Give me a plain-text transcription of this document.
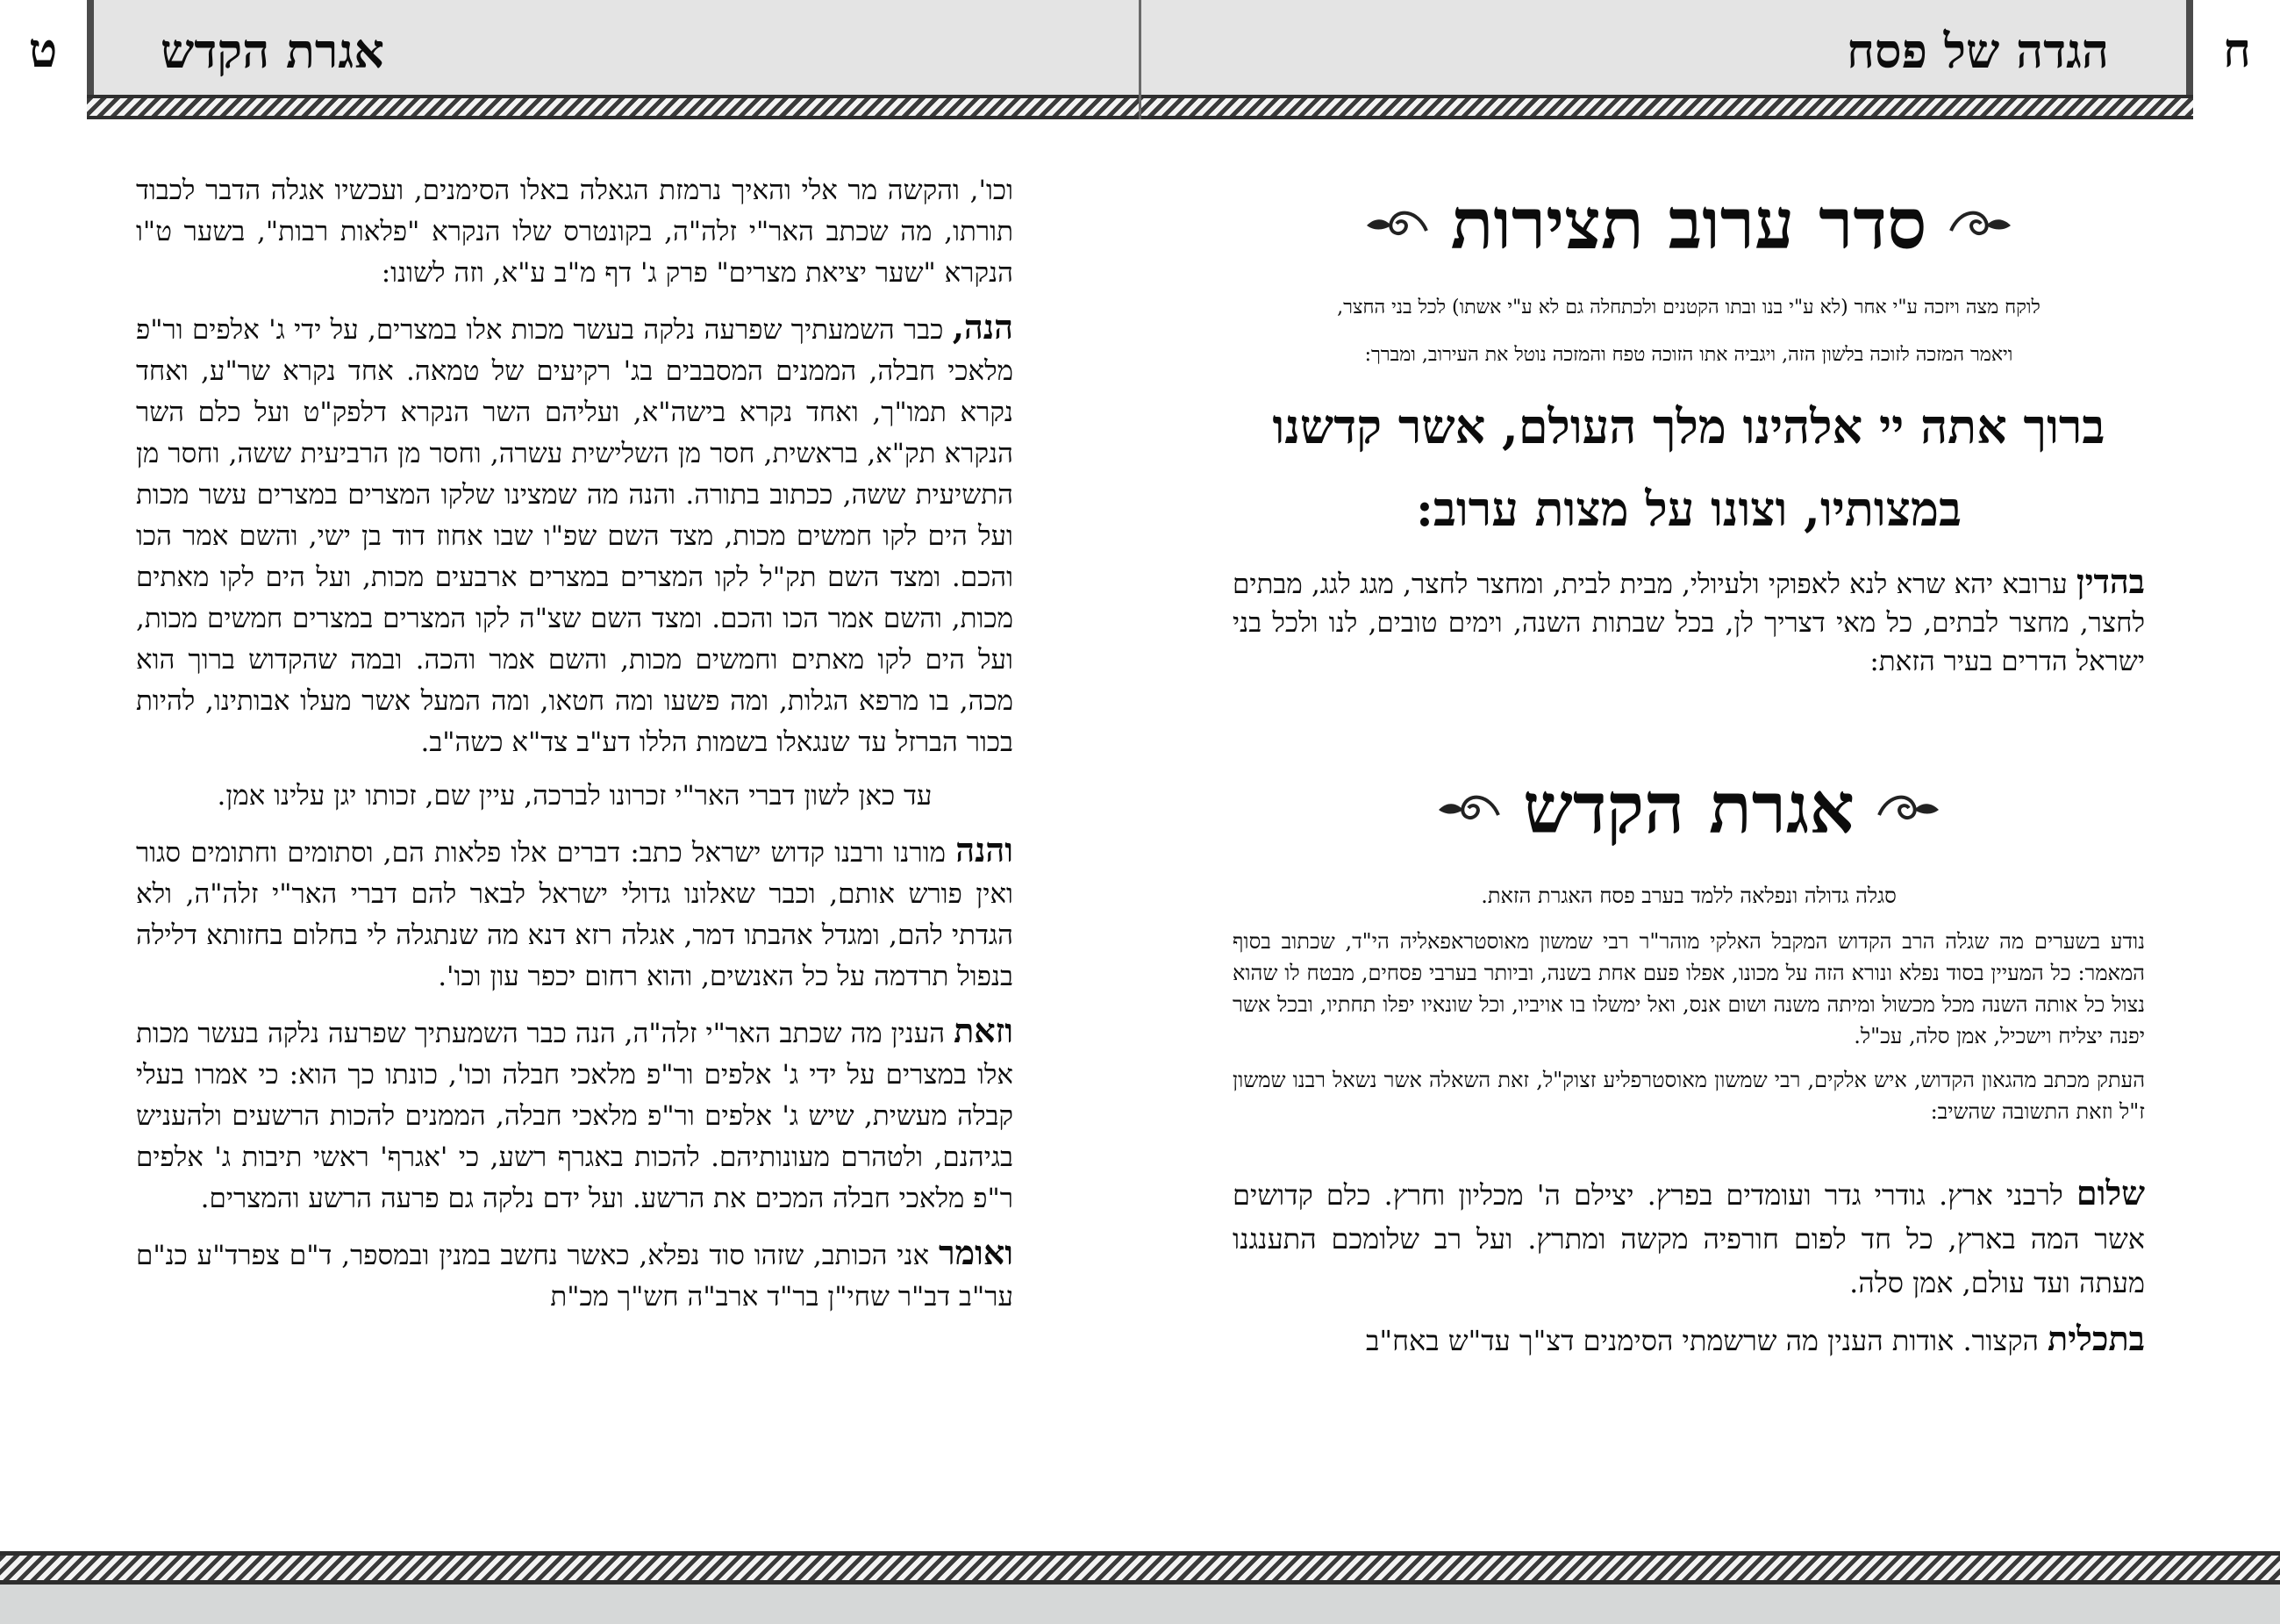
ח
הגדה של פסח
אגרת הקדש
ט

וכו', והקשה מר אלי והאיך נרמזת הגאלה באלו הסימנים, ועכשיו אגלה הדבר לכבוד תורתו, מה שכתב האר"י זלה"ה, בקונטרס שלו הנקרא "פלאות רבות", בשער ט"ו הנקרא "שער יציאת מצרים" פרק ג' דף מ"ב ע"א, וזה לשונו:

הנה, כבר השמעתיך שפרעה נלקה בעשר מכות אלו במצרים, על ידי ג' אלפים ור"פ מלאכי חבלה, הממנים המסבבים בג' רקיעים של טמאה. אחד נקרא שר"ע, ואחד נקרא תמו"ך, ואחד נקרא בישה"א, ועליהם השר הנקרא דלפק"ט ועל כלם השר הנקרא תק"א, בראשית, חסר מן השלישית עשרה, וחסר מן הרביעית ששה, וחסר מן התשיעית ששה, ככתוב בתורה. והנה מה שמצינו שלקו המצרים במצרים עשר מכות ועל הים לקו חמשים מכות, מצד השם שפ"ו שבו אחוז דוד בן ישי, והשם אמר הכו והכם. ומצד השם תק"ל לקו המצרים במצרים ארבעים מכות, ועל הים לקו מאתים מכות, והשם אמר הכו והכם. ומצד השם שצ"ה לקו המצרים במצרים חמשים מכות, ועל הים לקו מאתים וחמשים מכות, והשם אמר והכה. ובמה שהקדוש ברוך הוא מכה, בו מרפא הגלות, ומה פשעו ומה חטאו, ומה המעל אשר מעלו אבותינו, להיות בכור הברזל עד שנגאלו בשמות הללו דע"ב צד"א כשה"ב.

עד כאן לשון דברי האר"י זכרונו לברכה, עיין שם, זכותו יגן עלינו אמן.

והנה מורנו ורבנו קדוש ישראל כתב: דברים אלו פלאות הם, וסתומים וחתומים סגור ואין פורש אותם, וכבר שאלונו גדולי ישראל לבאר להם דברי האר"י זלה"ה, ולא הגדתי להם, ומגדל אהבתו דמר, אגלה רזא דנא מה שנתגלה לי בחלום בחזותא דלילה בנפול תרדמה על כל האנשים, והוא רחום יכפר עון וכו'.

וזאת הענין מה שכתב האר"י זלה"ה, הנה כבר השמעתיך שפרעה נלקה בעשר מכות אלו במצרים על ידי ג' אלפים ור"פ מלאכי חבלה וכו', כונתו כך הוא: כי אמרו בעלי קבלה מעשית, שיש ג' אלפים ור"פ מלאכי חבלה, הממנים להכות הרשעים ולהעניש בגיהנם, ולטהרם מעונותיהם. להכות באגרף רשע, כי 'אגרף' ראשי תיבות ג' אלפים ר"פ מלאכי חבלה המכים את הרשע. ועל ידם נלקה גם פרעה הרשע והמצרים.

ואומר אני הכותב, שזהו סוד נפלא, כאשר נחשב במנין ובמספר, ד"ם צפרד"ע כנ"ם ער"ב דב"ר שחי"ן בר"ד ארב"ה חש"ך מכ"ת

סדר ערוב תצירות

לוקח מצה ויזכה ע"י אחר (לא ע"י בנו ובתו הקטנים ולכתחלה גם לא ע"י אשתו) לכל בני החצר,

ויאמר המזכה לזוכה בלשון הזה, ויגביה אתו הזוכה טפח והמזכה נוטל את העירוב, ומברך:

ברוך אתה יי אלהינו מלך העולם, אשר קדשנו במצותיו, וצונו על מצות ערוב:

בהדין ערובא יהא שרא לנא לאפוקי ולעיולי, מבית לבית, ומחצר לחצר, מגג לגג, מבתים לחצר, מחצר לבתים, כל מאי דצריך לן, בכל שבתות השנה, וימים טובים, לנו ולכל בני ישראל הדרים בעיר הזאת:

אגרת הקדש

סגלה גדולה ונפלאה ללמד בערב פסח האגרת הזאת.

נודע בשערים מה שגלה הרב הקדוש המקבל האלקי מוהר"ר רבי שמשון מאוסטראפאליה הי"ד, שכתוב בסוף המאמר: כל המעיין בסוד נפלא ונורא הזה על מכונו, אפלו פעם אחת בשנה, וביותר בערבי פסחים, מבטח לו שהוא נצול כל אותה השנה מכל מכשול ומיתה משנה ושום אנס, ואל ימשלו בו אויביו, וכל שונאיו יפלו תחתיו, ובכל אשר יפנה יצליח וישכיל, אמן סלה, עכ"ל.

העתק מכתב מהגאון הקדוש, איש אלקים, רבי שמשון מאוסטרפליע זצוק"ל, זאת השאלה אשר נשאל רבנו שמשון ז"ל וזאת התשובה שהשיב:

שלום לרבני ארץ. גודרי גדר ועומדים בפרץ. יצילם ה' מכליון וחרץ. כלם קדושים אשר המה בארץ, כל חד לפום חורפיה מקשה ומתרץ. ועל רב שלומכם התענגנו מעתה ועד עולם, אמן סלה.

בתכלית הקצור. אודות הענין מה שרשמתי הסימנים דצ"ך עד"ש באח"ב
